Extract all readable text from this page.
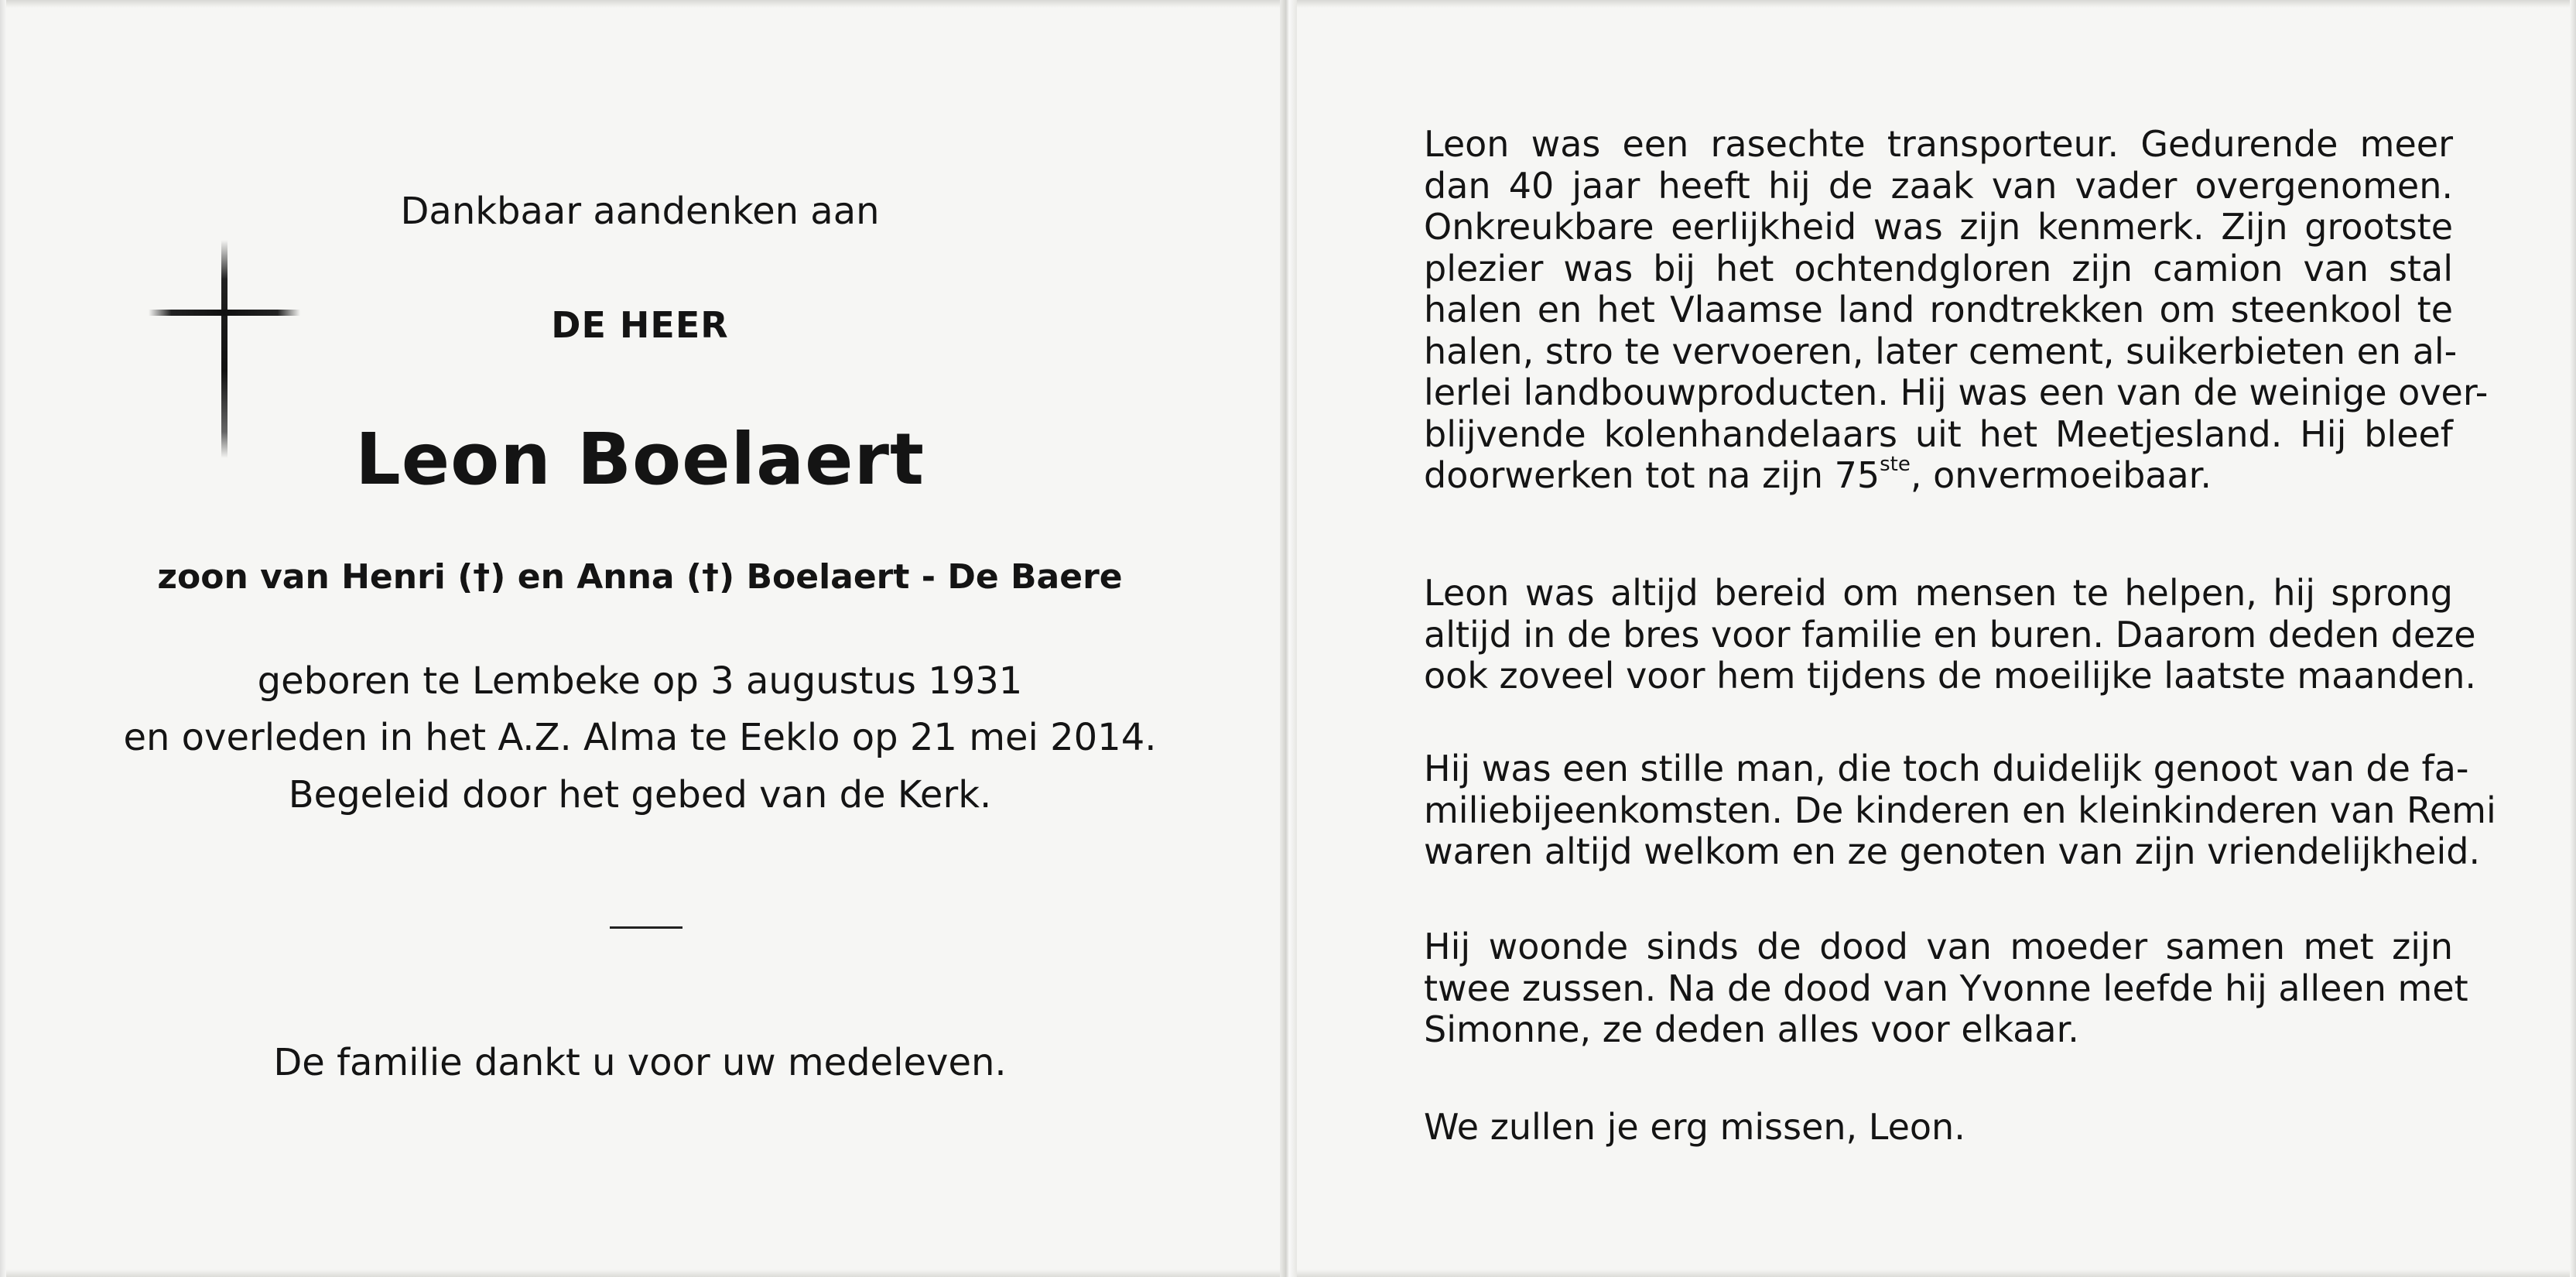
Dankbaar aandenken aan
DE HEER
Leon Boelaert
zoon van Henri (†) en Anna (†) Boelaert - De Baere
geboren te Lembeke op 3 augustus 1931
en overleden in het A.Z. Alma te Eeklo op 21 mei 2014.
Begeleid door het gebed van de Kerk.
De familie dankt u voor uw medeleven.
Leon was een rasechte transporteur. Gedurende meer
dan 40 jaar heeft hij de zaak van vader overgenomen.
Onkreukbare eerlijkheid was zijn kenmerk. Zijn grootste
plezier was bij het ochtendgloren zijn camion van stal
halen en het Vlaamse land rondtrekken om steenkool te
halen, stro te vervoeren, later cement, suikerbieten en al-
lerlei landbouwproducten. Hij was een van de weinige over-
blijvende kolenhandelaars uit het Meetjesland. Hij bleef
doorwerken tot na zijn 75ste, onvermoeibaar.
Leon was altijd bereid om mensen te helpen, hij sprong
altijd in de bres voor familie en buren. Daarom deden deze
ook zoveel voor hem tijdens de moeilijke laatste maanden.
Hij was een stille man, die toch duidelijk genoot van de fa-
miliebijeenkomsten. De kinderen en kleinkinderen van Remi
waren altijd welkom en ze genoten van zijn vriendelijkheid.
Hij woonde sinds de dood van moeder samen met zijn
twee zussen. Na de dood van Yvonne leefde hij alleen met
Simonne, ze deden alles voor elkaar.
We zullen je erg missen, Leon.
